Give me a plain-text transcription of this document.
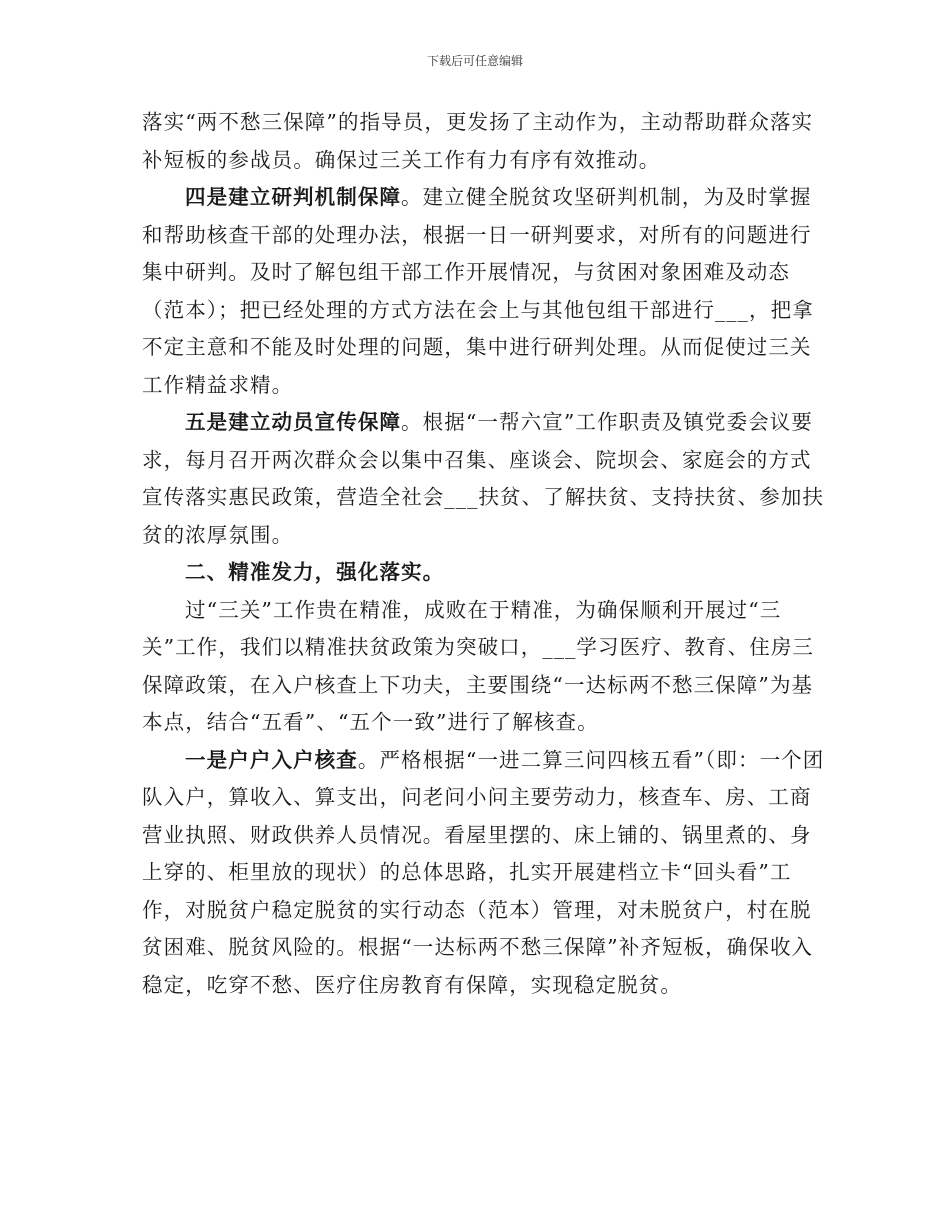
下载后可任意编辑

落实“两不愁三保障”的指导员，更发扬了主动作为，主动帮助群众落实补短板的参战员。确保过三关工作有力有序有效推动。

四是建立研判机制保障。建立健全脱贫攻坚研判机制，为及时掌握和帮助核查干部的处理办法，根据一日一研判要求，对所有的问题进行集中研判。及时了解包组干部工作开展情况，与贫困对象困难及动态（范本）；把已经处理的方式方法在会上与其他包组干部进行___，把拿不定主意和不能及时处理的问题，集中进行研判处理。从而促使过三关工作精益求精。

五是建立动员宣传保障。根据“一帮六宣”工作职责及镇党委会议要求，每月召开两次群众会以集中召集、座谈会、院坝会、家庭会的方式宣传落实惠民政策，营造全社会___扶贫、了解扶贫、支持扶贫、参加扶贫的浓厚氛围。

二、精准发力，强化落实。

过“三关”工作贵在精准，成败在于精准，为确保顺利开展过“三关”工作，我们以精准扶贫政策为突破口，___学习医疗、教育、住房三保障政策，在入户核查上下功夫，主要围绕“一达标两不愁三保障”为基本点，结合“五看”、“五个一致”进行了解核查。

一是户户入户核查。严格根据“一进二算三问四核五看”（即：一个团队入户，算收入、算支出，问老问小问主要劳动力，核查车、房、工商营业执照、财政供养人员情况。看屋里摆的、床上铺的、锅里煮的、身上穿的、柜里放的现状）的总体思路，扎实开展建档立卡“回头看”工作，对脱贫户稳定脱贫的实行动态（范本）管理，对未脱贫户，村在脱贫困难、脱贫风险的。根据“一达标两不愁三保障”补齐短板，确保收入稳定，吃穿不愁、医疗住房教育有保障，实现稳定脱贫。
